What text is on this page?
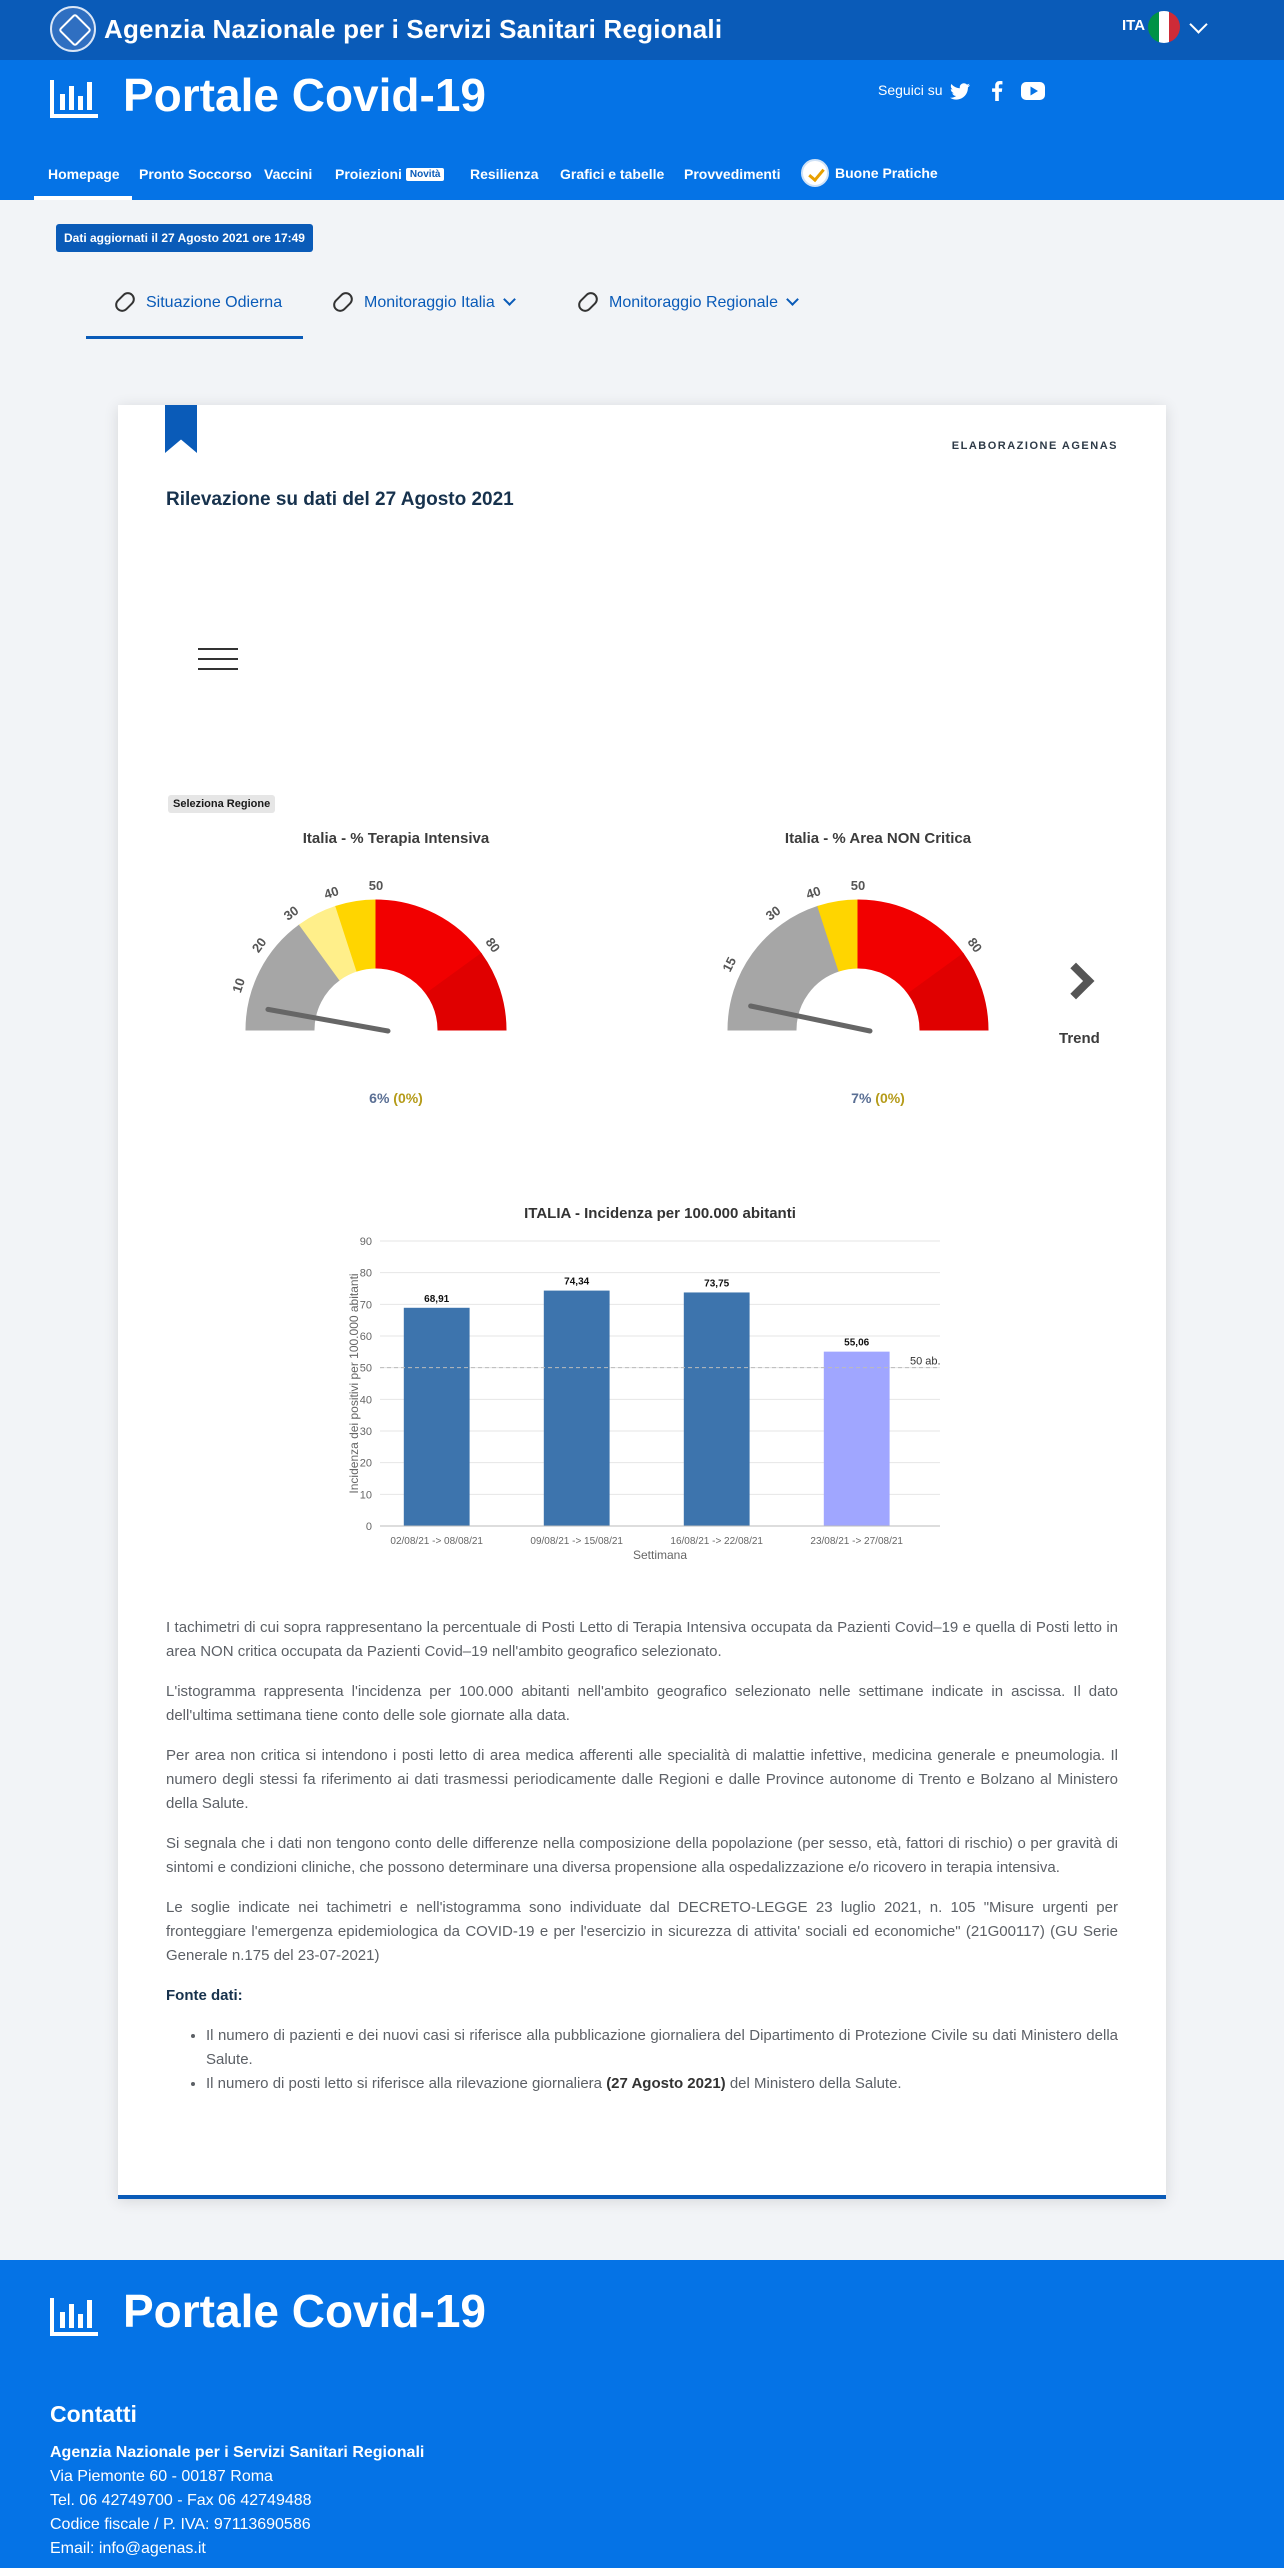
Agenzia Nazionale per i Servizi Sanitari Regionali	ITA
Portale Covid-19	Seguici su
Homepage Pronto Soccorso Vaccini Proiezioni Novità Resilienza Grafici e tabelle Provvedimenti	Buone Pratiche
Dati aggiornati il 27 Agosto 2021 ore 17:49
Situazione Odierna	Monitoraggio Italia	Monitoraggio Regionale
ELABORAZIONE AGENAS
Rilevazione su dati del 27 Agosto 2021
Seleziona Regione
Italia - % Terapia Intensiva
10
20
30
40 50
80
6% (0%)
Italia - % Area NON Critica
15
30
40 50
80
7% (0%)
Trend
ITALIA - Incidenza per 100.000 abitanti
0
10
20
30
40
50
60
70
80
90
Incidenza dei positivi per 100.000 abitanti	68,91
02/08/21 -> 08/08/21
74,34
09/08/21 -> 15/08/21
73,75
16/08/21 -> 22/08/21
55,06
23/08/21 -> 27/08/21
50 ab.
Settimana

I tachimetri di cui sopra rappresentano la percentuale di Posti Letto di Terapia Intensiva occupata da Pazienti Covid–19 e quella di Posti letto in area NON critica occupata da Pazienti Covid–19 nell'ambito geografico selezionato.

L'istogramma rappresenta l'incidenza per 100.000 abitanti nell'ambito geografico selezionato nelle settimane indicate in ascissa. Il dato dell'ultima settimana tiene conto delle sole giornate alla data.

Per area non critica si intendono i posti letto di area medica afferenti alle specialità di malattie infettive, medicina generale e pneumologia. Il numero degli stessi fa riferimento ai dati trasmessi periodicamente dalle Regioni e dalle Province autonome di Trento e Bolzano al Ministero della Salute.

Si segnala che i dati non tengono conto delle differenze nella composizione della popolazione (per sesso, età, fattori di rischio) o per gravità di sintomi e condizioni cliniche, che possono determinare una diversa propensione alla ospedalizzazione e/o ricovero in terapia intensiva.

Le soglie indicate nei tachimetri e nell'istogramma sono individuate dal DECRETO-LEGGE 23 luglio 2021, n. 105 "Misure urgenti per fronteggiare l'emergenza epidemiologica da COVID-19 e per l'esercizio in sicurezza di attivita' sociali ed economiche" (21G00117) (GU Serie Generale n.175 del 23-07-2021)

Fonte dati:
• Il numero di pazienti e dei nuovi casi si riferisce alla pubblicazione giornaliera del Dipartimento di Protezione Civile su dati Ministero della Salute.
• Il numero di posti letto si riferisce alla rilevazione giornaliera (27 Agosto 2021) del Ministero della Salute.
Portale Covid-19
Contatti
Agenzia Nazionale per i Servizi Sanitari Regionali
Via Piemonte 60 - 00187 Roma
Tel. 06 42749700 - Fax 06 42749488
Codice fiscale / P. IVA: 97113690586
Email: info@agenas.it
